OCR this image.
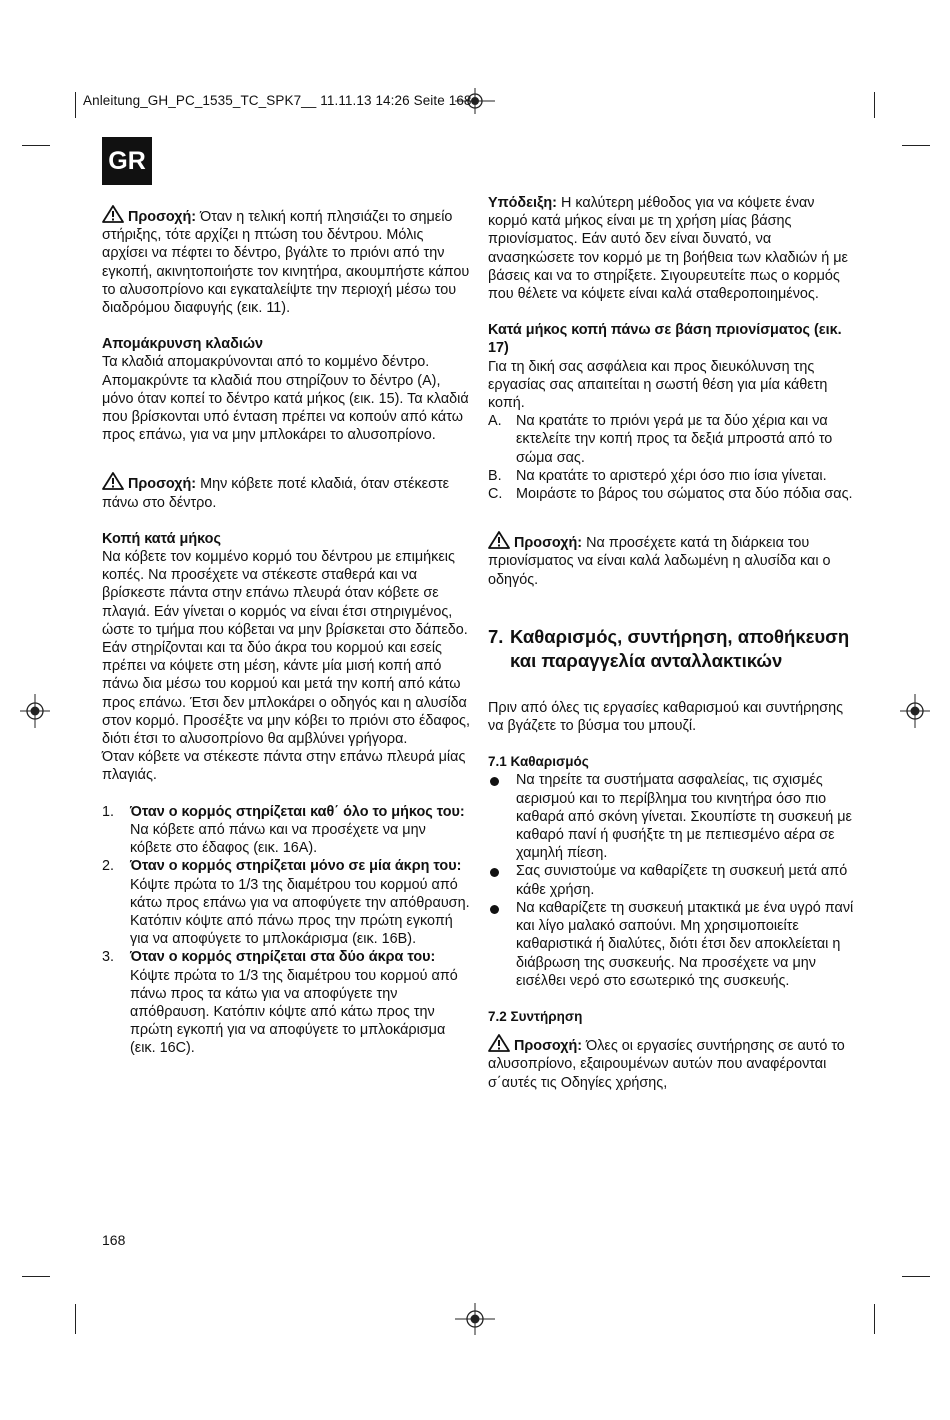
Anleitung_GH_PC_1535_TC_SPK7__ 11.11.13 14:26 Seite 168
GR

Προσοχή: Όταν η τελική κοπή πλησιάζει το σημείο στήριξης, τότε αρχίζει η πτώση του δέντρου. Μόλις αρχίσει να πέφτει το δέντρο, βγάλτε το πριόνι από την εγκοπή, ακινητοποιήστε τον κινητήρα, ακουμπήστε κάπου το αλυσοπρίονο και εγκαταλείψτε την περιοχή μέσω του διαδρόμου διαφυγής (εικ. 11).

Απομάκρυνση κλαδιών

Τα κλαδιά απομακρύνονται από το κομμένο δέντρο. Απομακρύντε τα κλαδιά που στηρίζουν το δέντρο (Α), μόνο όταν κοπεί το δέντρο κατά μήκος (εικ. 15). Τα κλαδιά που βρίσκονται υπό ένταση πρέπει να κοπούν από κάτω προς επάνω, για να μην μπλοκάρει το αλυσοπρίονο.

Προσοχή: Μην κόβετε ποτέ κλαδιά, όταν στέκεστε πάνω στο δέντρο.

Κοπή κατά μήκος

Να κόβετε τον κομμένο κορμό του δέντρου με επιμήκεις κοπές. Να προσέχετε να στέκεστε σταθερά και να βρίσκεστε πάντα στην επάνω πλευρά όταν κόβετε σε πλαγιά. Εάν γίνεται ο κορμός να είναι έτσι στηριγμένος, ώστε το τμήμα που κόβεται να μην βρίσκεται στο δάπεδο.

Εάν στηρίζονται και τα δύο άκρα του κορμού και εσείς πρέπει να κόψετε στη μέση, κάντε μία μισή κοπή από πάνω δια μέσω του κορμού και μετά την κοπή από κάτω προς επάνω. Έτσι δεν μπλοκάρει ο οδηγός και η αλυσίδα στον κορμό. Προσέξτε να μην κόβει το πριόνι στο έδαφος, διότι έτσι το αλυσοπρίονο θα αμβλύνει γρήγορα.

Όταν κόβετε να στέκεστε πάντα στην επάνω πλευρά μίας πλαγιάς.

1. Όταν ο κορμός στηρίζεται καθ΄ όλο το μήκος του:

Να κόβετε από πάνω και να προσέχετε να μην κόβετε στο έδαφος (εικ. 16A).

2. Όταν ο κορμός στηρίζεται μόνο σε μία άκρη του:

Κόψτε πρώτα το 1/3 της διαμέτρου του κορμού από κάτω προς επάνω για να αποφύγετε την απόθραυση. Κατόπιν κόψτε από πάνω προς την πρώτη εγκοπή για να αποφύγετε το μπλοκάρισμα (εικ. 16B).

3. Όταν ο κορμός στηρίζεται στα δύο άκρα του:

Κόψτε πρώτα το 1/3 της διαμέτρου του κορμού από πάνω προς τα κάτω για να αποφύγετε την απόθραυση. Κατόπιν κόψτε από κάτω προς την πρώτη εγκοπή για να αποφύγετε το μπλοκάρισμα (εικ. 16C).

Υπόδειξη: Η καλύτερη μέθοδος για να κόψετε έναν κορμό κατά μήκος είναι με τη χρήση μίας βάσης πριονίσματος. Εάν αυτό δεν είναι δυνατό, να ανασηκώσετε τον κορμό με τη βοήθεια των κλαδιών ή με βάσεις και να το στηρίξετε. Σιγουρευτείτε πως ο κορμός που θέλετε να κόψετε είναι καλά σταθεροποιημένος.

Κατά μήκος κοπή πάνω σε βάση πριονίσματος (εικ. 17)

Για τη δική σας ασφάλεια και προς διευκόλυνση της εργασίας σας απαιτείται η σωστή θέση για μία κάθετη κοπή.

A. Να κρατάτε το πριόνι γερά με τα δύο χέρια και να εκτελείτε την κοπή προς τα δεξιά μπροστά από το σώμα σας.

B. Να κρατάτε το αριστερό χέρι όσο πιο ίσια γίνεται.

C. Μοιράστε το βάρος του σώματος στα δύο πόδια σας.

Προσοχή: Να προσέχετε κατά τη διάρκεια του πριονίσματος να είναι καλά λαδωμένη η αλυσίδα και ο οδηγός.

7. Καθαρισμός, συντήρηση, αποθήκευση και παραγγελία ανταλλακτικών

Πριν από όλες τις εργασίες καθαρισμού και συντήρησης να βγάζετε το βύσμα του μπουζί.

7.1 Καθαρισμός

Να τηρείτε τα συστήματα ασφαλείας, τις σχισμές αερισμού και το περίβλημα του κινητήρα όσο πιο καθαρά από σκόνη γίνεται. Σκουπίστε τη συσκευή με καθαρό πανί ή φυσήξτε τη με πεπιεσμένο αέρα σε χαμηλή πίεση.

Σας συνιστούμε να καθαρίζετε τη συσκευή μετά από κάθε χρήση.

Να καθαρίζετε τη συσκευή μτακτικά με ένα υγρό πανί και λίγο μαλακό σαπούνι. Μη χρησιμοποιείτε καθαριστικά ή διαλύτες, διότι έτσι δεν αποκλείεται η διάβρωση της συσκευής. Να προσέχετε να μην εισέλθει νερό στο εσωτερικό της συσκευής.

7.2 Συντήρηση

Προσοχή: Όλες οι εργασίες συντήρησης σε αυτό το αλυσοπρίονο, εξαιρουμένων αυτών που αναφέρονται σ΄αυτές τις Οδηγίες χρήσης,

168
